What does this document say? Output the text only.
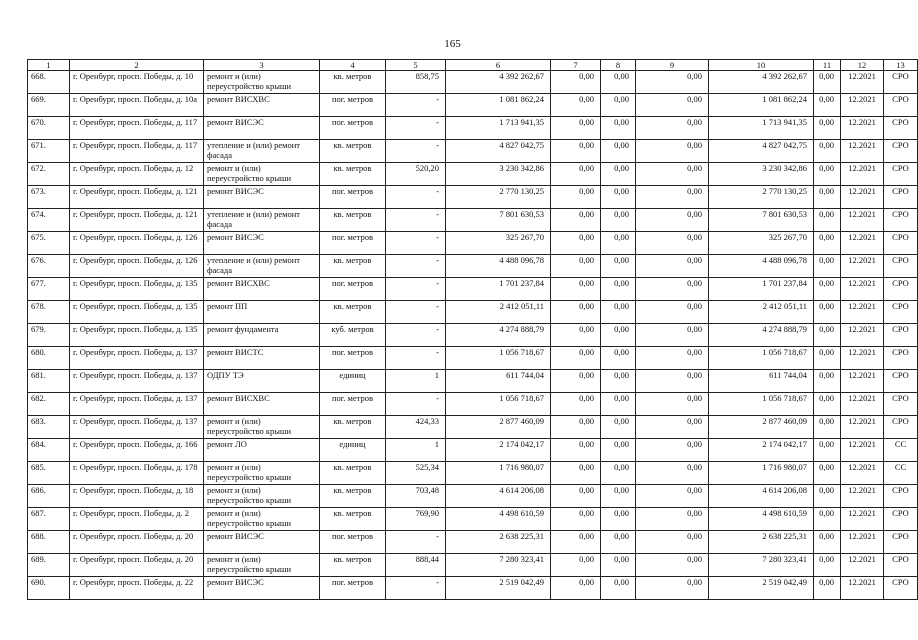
165
1	2	3	4	5	6	7	8	9	10	11	12	13
668.	г. Оренбург, просп. Победы, д. 10	ремонт и (или) переустройство крыши	кв. метров	858,75	4 392 262,67	0,00	0,00	0,00	4 392 262,67	0,00	12.2021	СРО
669.	г. Оренбург, просп. Победы, д. 10а	ремонт ВИСХВС	пог. метров	-	1 081 862,24	0,00	0,00	0,00	1 081 862,24	0,00	12.2021	СРО
670.	г. Оренбург, просп. Победы, д. 117	ремонт ВИСЭС	пог. метров	-	1 713 941,35	0,00	0,00	0,00	1 713 941,35	0,00	12.2021	СРО
671.	г. Оренбург, просп. Победы, д. 117	утепление и (или) ремонт фасада	кв. метров	-	4 827 042,75	0,00	0,00	0,00	4 827 042,75	0,00	12.2021	СРО
672.	г. Оренбург, просп. Победы, д. 12	ремонт и (или) переустройство крыши	кв. метров	520,20	3 230 342,86	0,00	0,00	0,00	3 230 342,86	0,00	12.2021	СРО
673.	г. Оренбург, просп. Победы, д. 121	ремонт ВИСЭС	пог. метров	-	2 770 130,25	0,00	0,00	0,00	2 770 130,25	0,00	12.2021	СРО
674.	г. Оренбург, просп. Победы, д. 121	утепление и (или) ремонт фасада	кв. метров	-	7 801 630,53	0,00	0,00	0,00	7 801 630,53	0,00	12.2021	СРО
675.	г. Оренбург, просп. Победы, д. 126	ремонт ВИСЭС	пог. метров	-	325 267,70	0,00	0,00	0,00	325 267,70	0,00	12.2021	СРО
676.	г. Оренбург, просп. Победы, д. 126	утепление и (или) ремонт фасада	кв. метров	-	4 488 096,78	0,00	0,00	0,00	4 488 096,78	0,00	12.2021	СРО
677.	г. Оренбург, просп. Победы, д. 135	ремонт ВИСХВС	пог. метров	-	1 701 237,84	0,00	0,00	0,00	1 701 237,84	0,00	12.2021	СРО
678.	г. Оренбург, просп. Победы, д. 135	ремонт ПП	кв. метров	-	2 412 051,11	0,00	0,00	0,00	2 412 051,11	0,00	12.2021	СРО
679.	г. Оренбург, просп. Победы, д. 135	ремонт фундамента	куб. метров	-	4 274 888,79	0,00	0,00	0,00	4 274 888,79	0,00	12.2021	СРО
680.	г. Оренбург, просп. Победы, д. 137	ремонт ВИСТС	пог. метров	-	1 056 718,67	0,00	0,00	0,00	1 056 718,67	0,00	12.2021	СРО
681.	г. Оренбург, просп. Победы, д. 137	ОДПУ ТЭ	единиц	1	611 744,04	0,00	0,00	0,00	611 744,04	0,00	12.2021	СРО
682.	г. Оренбург, просп. Победы, д. 137	ремонт ВИСХВС	пог. метров	-	1 056 718,67	0,00	0,00	0,00	1 056 718,67	0,00	12.2021	СРО
683.	г. Оренбург, просп. Победы, д. 137	ремонт и (или) переустройство крыши	кв. метров	424,33	2 877 460,09	0,00	0,00	0,00	2 877 460,09	0,00	12.2021	СРО
684.	г. Оренбург, просп. Победы, д. 166	ремонт ЛО	единиц	1	2 174 042,17	0,00	0,00	0,00	2 174 042,17	0,00	12.2021	СС
685.	г. Оренбург, просп. Победы, д. 178	ремонт и (или) переустройство крыши	кв. метров	525,34	1 716 980,07	0,00	0,00	0,00	1 716 980,07	0,00	12.2021	СС
686.	г. Оренбург, просп. Победы, д. 18	ремонт и (или) переустройство крыши	кв. метров	703,48	4 614 206,08	0,00	0,00	0,00	4 614 206,08	0,00	12.2021	СРО
687.	г. Оренбург, просп. Победы, д. 2	ремонт и (или) переустройство крыши	кв. метров	769,90	4 498 610,59	0,00	0,00	0,00	4 498 610,59	0,00	12.2021	СРО
688.	г. Оренбург, просп. Победы, д. 20	ремонт ВИСЭС	пог. метров	-	2 638 225,31	0,00	0,00	0,00	2 638 225,31	0,00	12.2021	СРО
689.	г. Оренбург, просп. Победы, д. 20	ремонт и (или) переустройство крыши	кв. метров	888,44	7 280 323,41	0,00	0,00	0,00	7 280 323,41	0,00	12.2021	СРО
690.	г. Оренбург, просп. Победы, д. 22	ремонт ВИСЭС	пог. метров	-	2 519 042,49	0,00	0,00	0,00	2 519 042,49	0,00	12.2021	СРО
